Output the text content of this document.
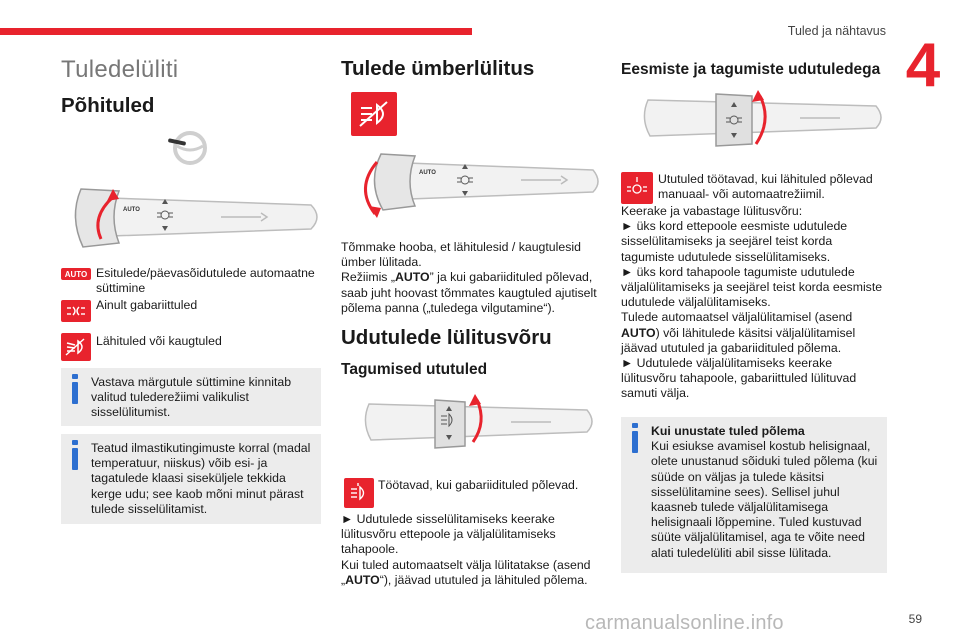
Tuled ja nähtavus 4
Tuledelüliti
Põhituled
AUTO
AUTO Esitulede/päevasõidutulede automaatne süttimine
Ainult gabariittuled
Lähituled või kaugtuled
Vastava märgutule süttimine kinnitab valitud tulederežiimi valikulist sisselülitumist.
Teatud ilmastikutingimuste korral (madal temperatuur, niiskus) võib esi- ja tagatulede klaasi siseküljele tekkida kerge udu; see kaob mõni minut pärast tulede sisselülitamist.
Tulede ümberlülitus
AUTO
Tõmmake hooba, et lähitulesid / kaugtulesid
ümber lülitada.
Režiimis „AUTO” ja kui gabariidituled põlevad, saab juht hoovast tõmmates kaugtuled ajutiselt põlema panna („tuledega vilgutamine“).
Udutulede lülitusvõru
Tagumised ututuled
Töötavad, kui gabariidituled põlevad.
► Udutulede sisselülitamiseks keerake lülitusvõru ettepoole ja väljalülitamiseks tahapoole.
Kui tuled automaatselt välja lülitatakse (asend „AUTO“), jäävad ututuled ja lähituled põlema.
Eesmiste ja tagumiste udutuledega
Ututuled töötavad, kui lähituled põlevad manuaal- või automaatrežiimil.
Keerake ja vabastage lülitusvõru:
► üks kord ettepoole eesmiste udutulede sisselülitamiseks ja seejärel teist korda tagumiste udutulede sisselülitamiseks.
► üks kord tahapoole tagumiste udutulede väljalülitamiseks ja seejärel teist korda eesmiste udutulede väljalülitamiseks.
Tulede automaatsel väljalülitamisel (asend AUTO) või lähitulede käsitsi väljalülitamisel jäävad ututuled ja gabariidituled põlema.
► Udutulede väljalülitamiseks keerake lülitusvõru tahapoole, gabariittuled lülituvad samuti välja.
Kui unustate tuled põlema
Kui esiukse avamisel kostub helisignaal, olete unustanud sõiduki tuled põlema (kui süüde on väljas ja tulede käsitsi sisselülitamine sees). Sellisel juhul kaasneb tulede väljalülitamisega helisignaali lõppemine. Tuled kustuvad süüte väljalülitamisel, aga te võite need alati tuledelüliti abil sisse lülitada.
carmanualsonline.info	59
